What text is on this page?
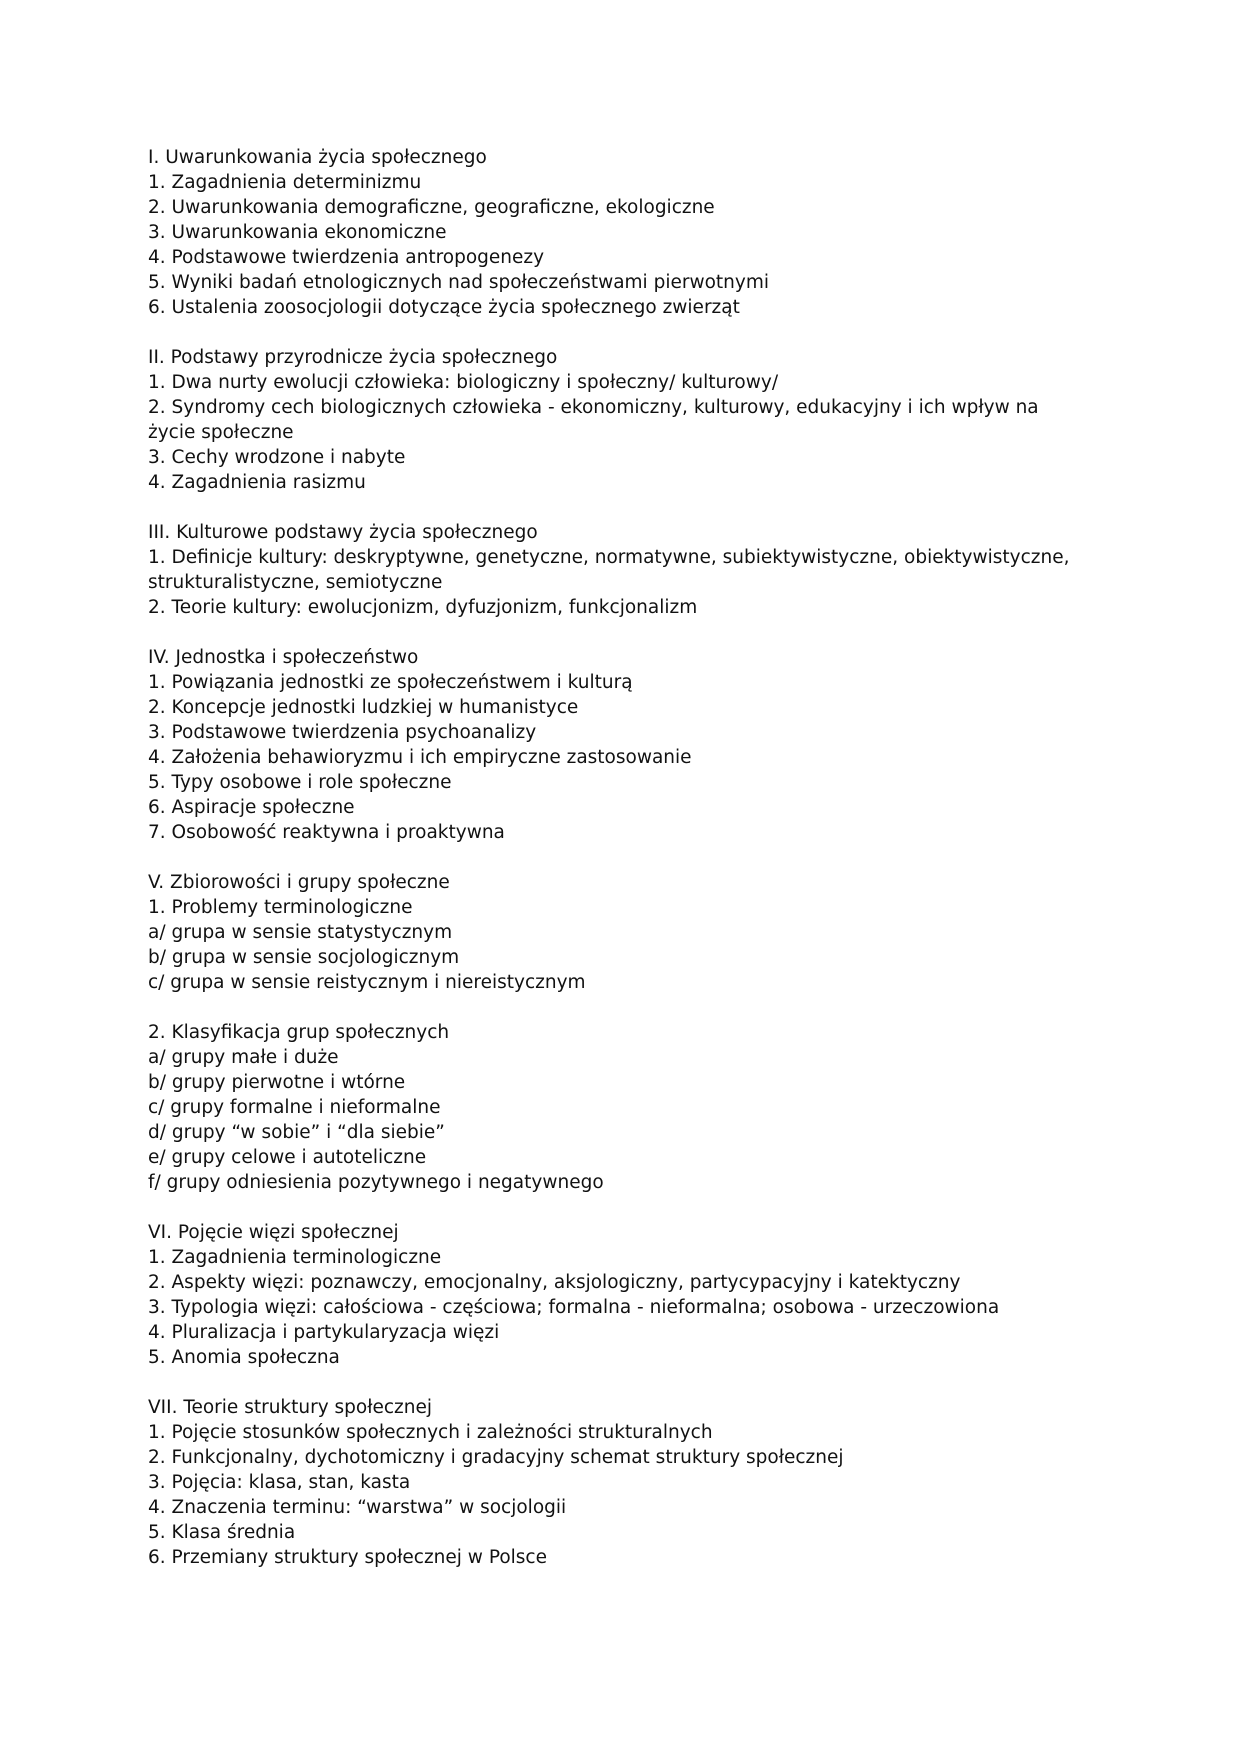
I. Uwarunkowania życia społecznego
1. Zagadnienia determinizmu
2. Uwarunkowania demograficzne, geograficzne, ekologiczne
3. Uwarunkowania ekonomiczne
4. Podstawowe twierdzenia antropogenezy
5. Wyniki badań etnologicznych nad społeczeństwami pierwotnymi
6. Ustalenia zoosocjologii dotyczące życia społecznego zwierząt
II. Podstawy przyrodnicze życia społecznego
1. Dwa nurty ewolucji człowieka: biologiczny i społeczny/ kulturowy/
2. Syndromy cech biologicznych człowieka - ekonomiczny, kulturowy, edukacyjny i ich wpływ na życie społeczne
3. Cechy wrodzone i nabyte
4. Zagadnienia rasizmu
III. Kulturowe podstawy życia społecznego
1. Definicje kultury: deskryptywne, genetyczne, normatywne, subiektywistyczne, obiektywistyczne, strukturalistyczne, semiotyczne
2. Teorie kultury: ewolucjonizm, dyfuzjonizm, funkcjonalizm
IV. Jednostka i społeczeństwo
1. Powiązania jednostki ze społeczeństwem i kulturą
2. Koncepcje jednostki ludzkiej w humanistyce
3. Podstawowe twierdzenia psychoanalizy
4. Założenia behawioryzmu i ich empiryczne zastosowanie
5. Typy osobowe i role społeczne
6. Aspiracje społeczne
7. Osobowość reaktywna i proaktywna
V. Zbiorowości i grupy społeczne
1. Problemy terminologiczne
a/ grupa w sensie statystycznym
b/ grupa w sensie socjologicznym
c/ grupa w sensie reistycznym i niereistycznym
2. Klasyfikacja grup społecznych
a/ grupy małe i duże
b/ grupy pierwotne i wtórne
c/ grupy formalne i nieformalne
d/ grupy “w sobie” i “dla siebie”
e/ grupy celowe i autoteliczne
f/ grupy odniesienia pozytywnego i negatywnego
VI. Pojęcie więzi społecznej
1. Zagadnienia terminologiczne
2. Aspekty więzi: poznawczy, emocjonalny, aksjologiczny, partycypacyjny i katektyczny
3. Typologia więzi: całościowa - częściowa; formalna - nieformalna; osobowa - urzeczowiona
4. Pluralizacja i partykularyzacja więzi
5. Anomia społeczna
VII. Teorie struktury społecznej
1. Pojęcie stosunków społecznych i zależności strukturalnych
2. Funkcjonalny, dychotomiczny i gradacyjny schemat struktury społecznej
3. Pojęcia: klasa, stan, kasta
4. Znaczenia terminu: “warstwa” w socjologii
5. Klasa średnia
6. Przemiany struktury społecznej w Polsce
